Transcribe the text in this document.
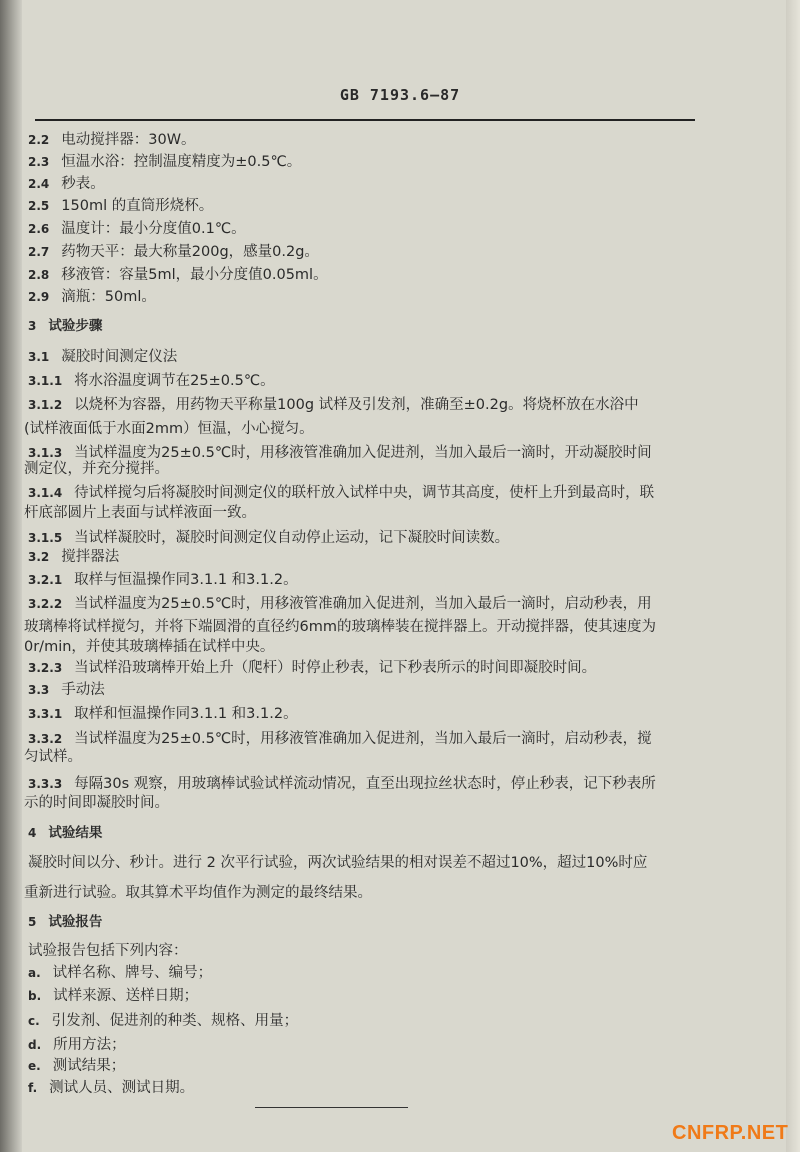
GB 7193.6—87
2.2 电动搅拌器：30W。
2.3 恒温水浴：控制温度精度为±0.5℃。
2.4 秒表。
2.5 150ml 的直筒形烧杯。
2.6 温度计：最小分度值0.1℃。
2.7 药物天平：最大称量200g，感量0.2g。
2.8 移液管：容量5ml，最小分度值0.05ml。
2.9 滴瓶：50ml。
3 试验步骤
3.1 凝胶时间测定仪法
3.1.1 将水浴温度调节在25±0.5℃。
3.1.2 以烧杯为容器，用药物天平称量100g 试样及引发剂，准确至±0.2g。将烧杯放在水浴中
(试样液面低于水面2mm）恒温，小心搅匀。
3.1.3 当试样温度为25±0.5℃时，用移液管准确加入促进剂，当加入最后一滴时，开动凝胶时间
测定仪，并充分搅拌。
3.1.4 待试样搅匀后将凝胶时间测定仪的联杆放入试样中央，调节其高度，使杆上升到最高时，联
杆底部圆片上表面与试样液面一致。
3.1.5 当试样凝胶时，凝胶时间测定仪自动停止运动，记下凝胶时间读数。
3.2 搅拌器法
3.2.1 取样与恒温操作同3.1.1 和3.1.2。
3.2.2 当试样温度为25±0.5℃时，用移液管准确加入促进剂，当加入最后一滴时，启动秒表，用
玻璃棒将试样搅匀，并将下端圆滑的直径约6mm的玻璃棒装在搅拌器上。开动搅拌器，使其速度为
0r/min，并使其玻璃棒插在试样中央。
3.2.3 当试样沿玻璃棒开始上升（爬杆）时停止秒表，记下秒表所示的时间即凝胶时间。
3.3 手动法
3.3.1 取样和恒温操作同3.1.1 和3.1.2。
3.3.2 当试样温度为25±0.5℃时，用移液管准确加入促进剂，当加入最后一滴时，启动秒表，搅
匀试样。
3.3.3 每隔30s 观察，用玻璃棒试验试样流动情况，直至出现拉丝状态时，停止秒表，记下秒表所
示的时间即凝胶时间。
4 试验结果
凝胶时间以分、秒计。进行 2 次平行试验，两次试验结果的相对误差不超过10%，超过10%时应
重新进行试验。取其算术平均值作为测定的最终结果。
5 试验报告
试验报告包括下列内容：
a. 试样名称、牌号、编号；
b. 试样来源、送样日期；
c. 引发剂、促进剂的种类、规格、用量；
d. 所用方法；
e. 测试结果；
f. 测试人员、测试日期。
CNFRP.NET
